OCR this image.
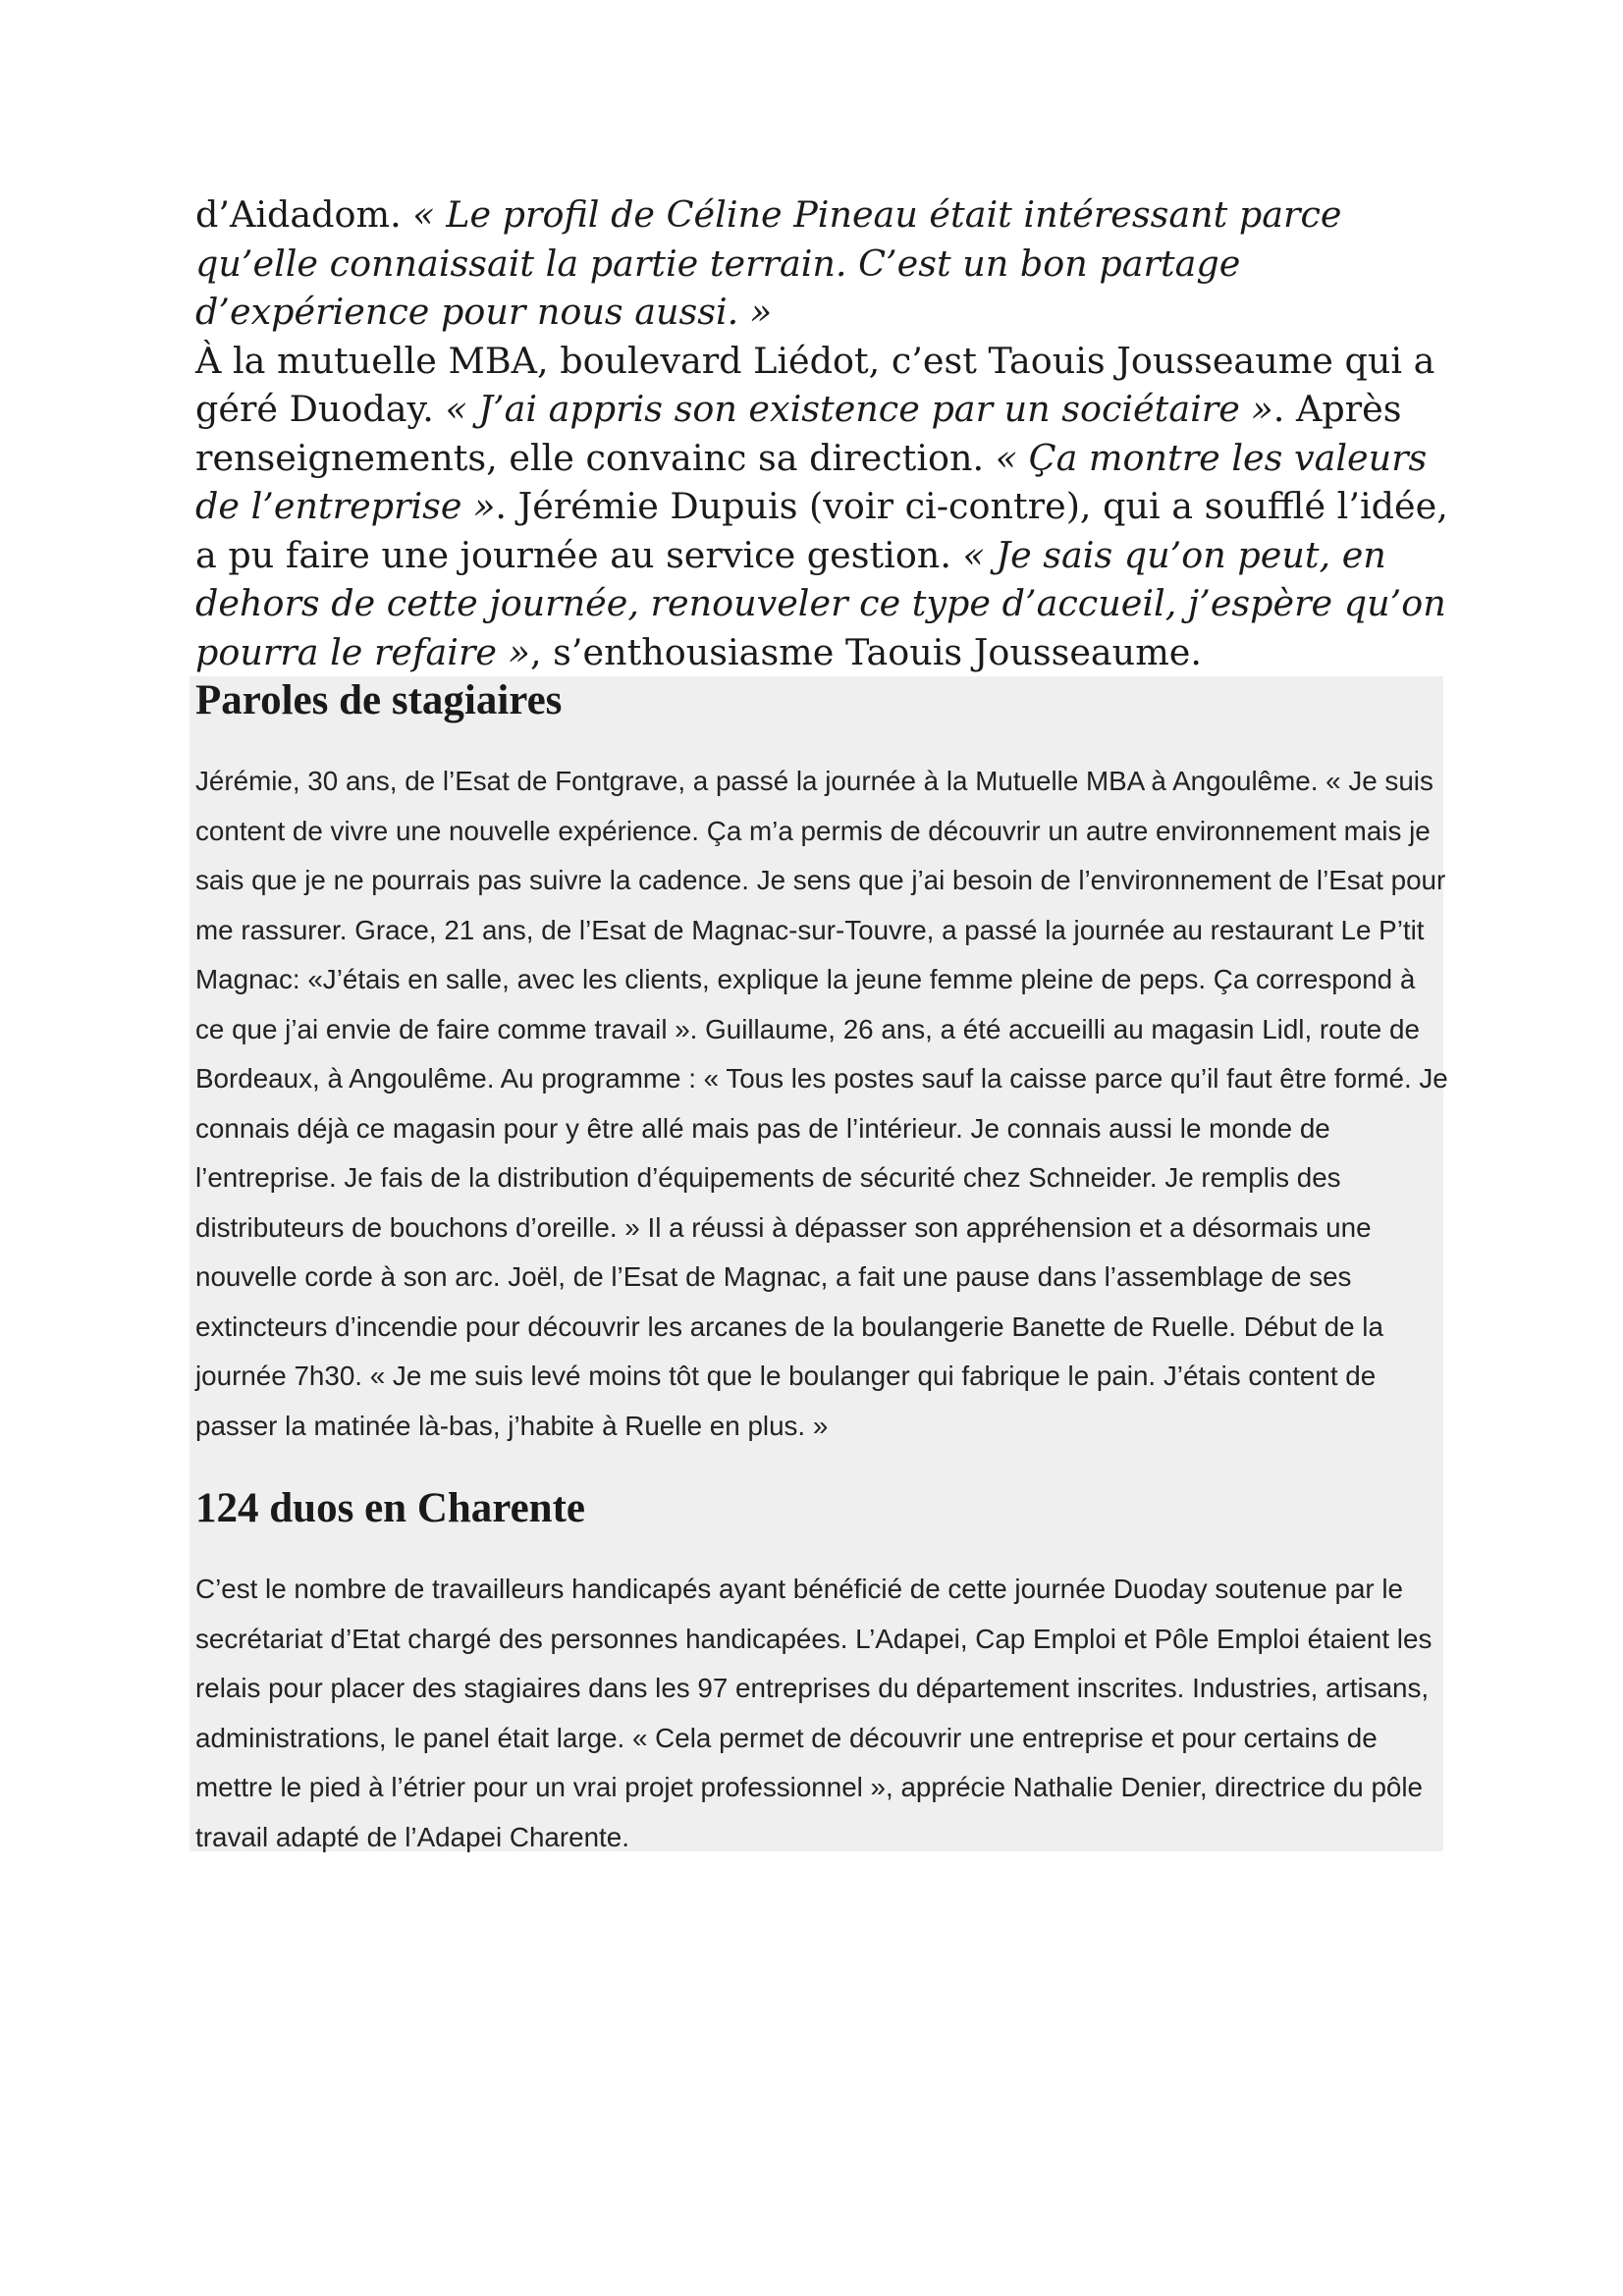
d’Aidadom. « Le profil de Céline Pineau était intéressant parce qu’elle connaissait la partie terrain. C’est un bon partage d’expérience pour nous aussi. »

À la mutuelle MBA, boulevard Liédot, c’est Taouis Jousseaume qui a géré Duoday. « J’ai appris son existence par un sociétaire ». Après renseignements, elle convainc sa direction. « Ça montre les valeurs de l’entreprise ». Jérémie Dupuis (voir ci-contre), qui a soufflé l’idée, a pu faire une journée au service gestion. « Je sais qu’on peut, en dehors de cette journée, renouveler ce type d’accueil, j’espère qu’on pourra le refaire », s’enthousiasme Taouis Jousseaume.

Paroles de stagiaires

Jérémie, 30 ans, de l’Esat de Fontgrave, a passé la journée à la Mutuelle MBA à Angoulême. « Je suis content de vivre une nouvelle expérience. Ça m’a permis de découvrir un autre environnement mais je sais que je ne pourrais pas suivre la cadence. Je sens que j’ai besoin de l’environnement de l’Esat pour me rassurer. Grace, 21 ans, de l’Esat de Magnac-sur-Touvre, a passé la journée au restaurant Le P’tit Magnac: «J’étais en salle, avec les clients, explique la jeune femme pleine de peps. Ça correspond à ce que j’ai envie de faire comme travail ». Guillaume, 26 ans, a été accueilli au magasin Lidl, route de Bordeaux, à Angoulême. Au programme : « Tous les postes sauf la caisse parce qu’il faut être formé. Je connais déjà ce magasin pour y être allé mais pas de l’intérieur. Je connais aussi le monde de l’entreprise. Je fais de la distribution d’équipements de sécurité chez Schneider. Je remplis des distributeurs de bouchons d’oreille. » Il a réussi à dépasser son appréhension et a désormais une nouvelle corde à son arc. Joël, de l’Esat de Magnac, a fait une pause dans l’assemblage de ses extincteurs d’incendie pour découvrir les arcanes de la boulangerie Banette de Ruelle. Début de la journée 7h30. « Je me suis levé moins tôt que le boulanger qui fabrique le pain. J’étais content de passer la matinée là-bas, j’habite à Ruelle en plus. »

124 duos en Charente

C’est le nombre de travailleurs handicapés ayant bénéficié de cette journée Duoday soutenue par le secrétariat d’Etat chargé des personnes handicapées. L’Adapei, Cap Emploi et Pôle Emploi étaient les relais pour placer des stagiaires dans les 97 entreprises du département inscrites. Industries, artisans, administrations, le panel était large. « Cela permet de découvrir une entreprise et pour certains de mettre le pied à l’étrier pour un vrai projet professionnel », apprécie Nathalie Denier, directrice du pôle travail adapté de l’Adapei Charente.
